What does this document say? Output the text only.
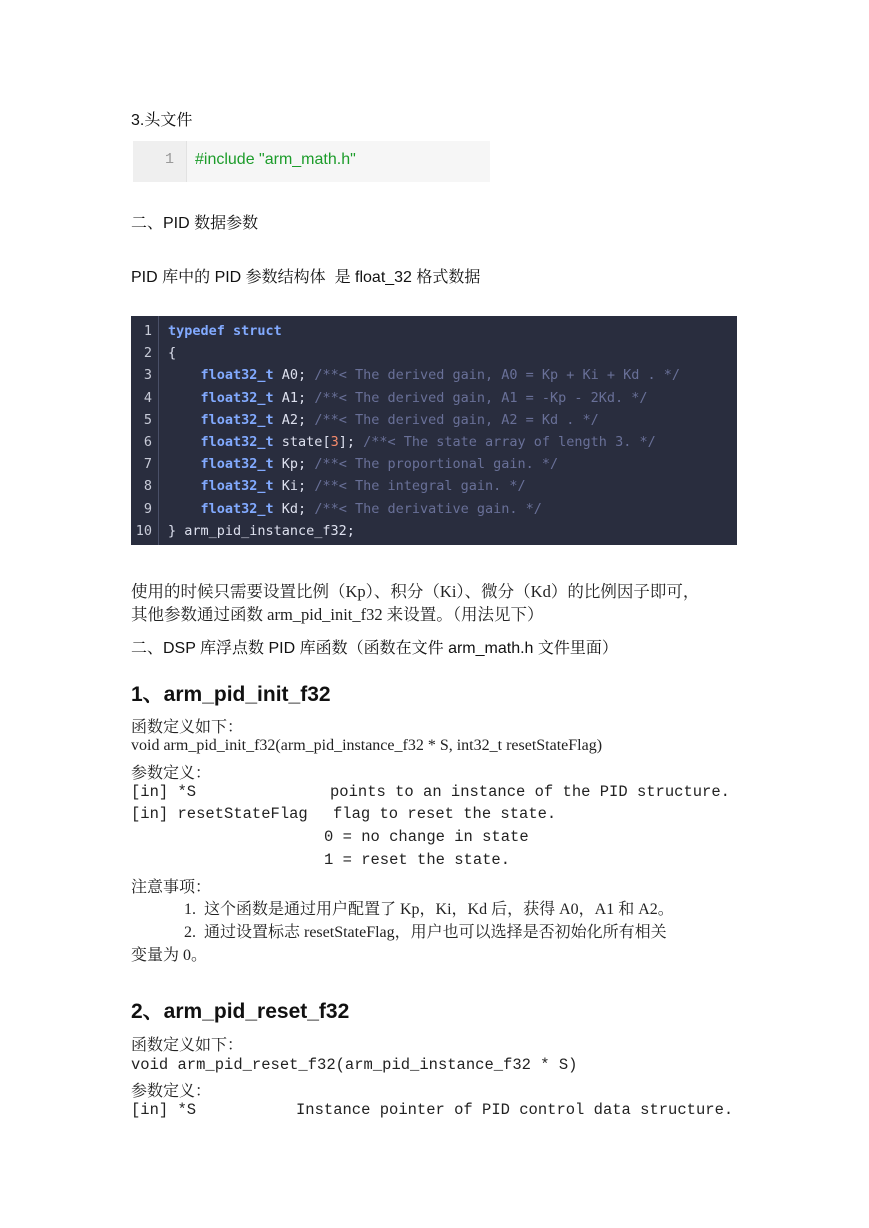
3.头文件
1 #include "arm_math.h"
二、PID 数据参数
PID 库中的 PID 参数结构体  是 float_32 格式数据
1 typedef struct
2 {
3	float32_t A0; /**< The derived gain, A0 = Kp + Ki + Kd . */
4	float32_t A1; /**< The derived gain, A1 = -Kp - 2Kd. */
5	float32_t A2; /**< The derived gain, A2 = Kd . */
6	float32_t state[3]; /**< The state array of length 3. */
7	float32_t Kp; /**< The proportional gain. */
8	float32_t Ki; /**< The integral gain. */
9	float32_t Kd; /**< The derivative gain. */
10 } arm_pid_instance_f32;
使用的时候只需要设置比例（Kp）、积分（Ki）、微分（Kd）的比例因子即可，
其他参数通过函数 arm_pid_init_f32 来设置。（用法见下）
二、DSP 库浮点数 PID 库函数（函数在文件 arm_math.h 文件里面）
1、arm_pid_init_f32
函数定义如下：
void arm_pid_init_f32(arm_pid_instance_f32 * S, int32_t resetStateFlag)
参数定义：
[in] *S	points to an instance of the PID structure.
[in] resetStateFlag flag to reset the state.
0 = no change in state
1 = reset the state.
注意事项：
1.  这个函数是通过用户配置了 Kp，Ki，Kd 后，获得 A0，A1 和 A2。
2.  通过设置标志 resetStateFlag，用户也可以选择是否初始化所有相关
变量为 0。
2、arm_pid_reset_f32
函数定义如下：
void arm_pid_reset_f32(arm_pid_instance_f32 * S)
参数定义：
[in] *S	Instance pointer of PID control data structure.
